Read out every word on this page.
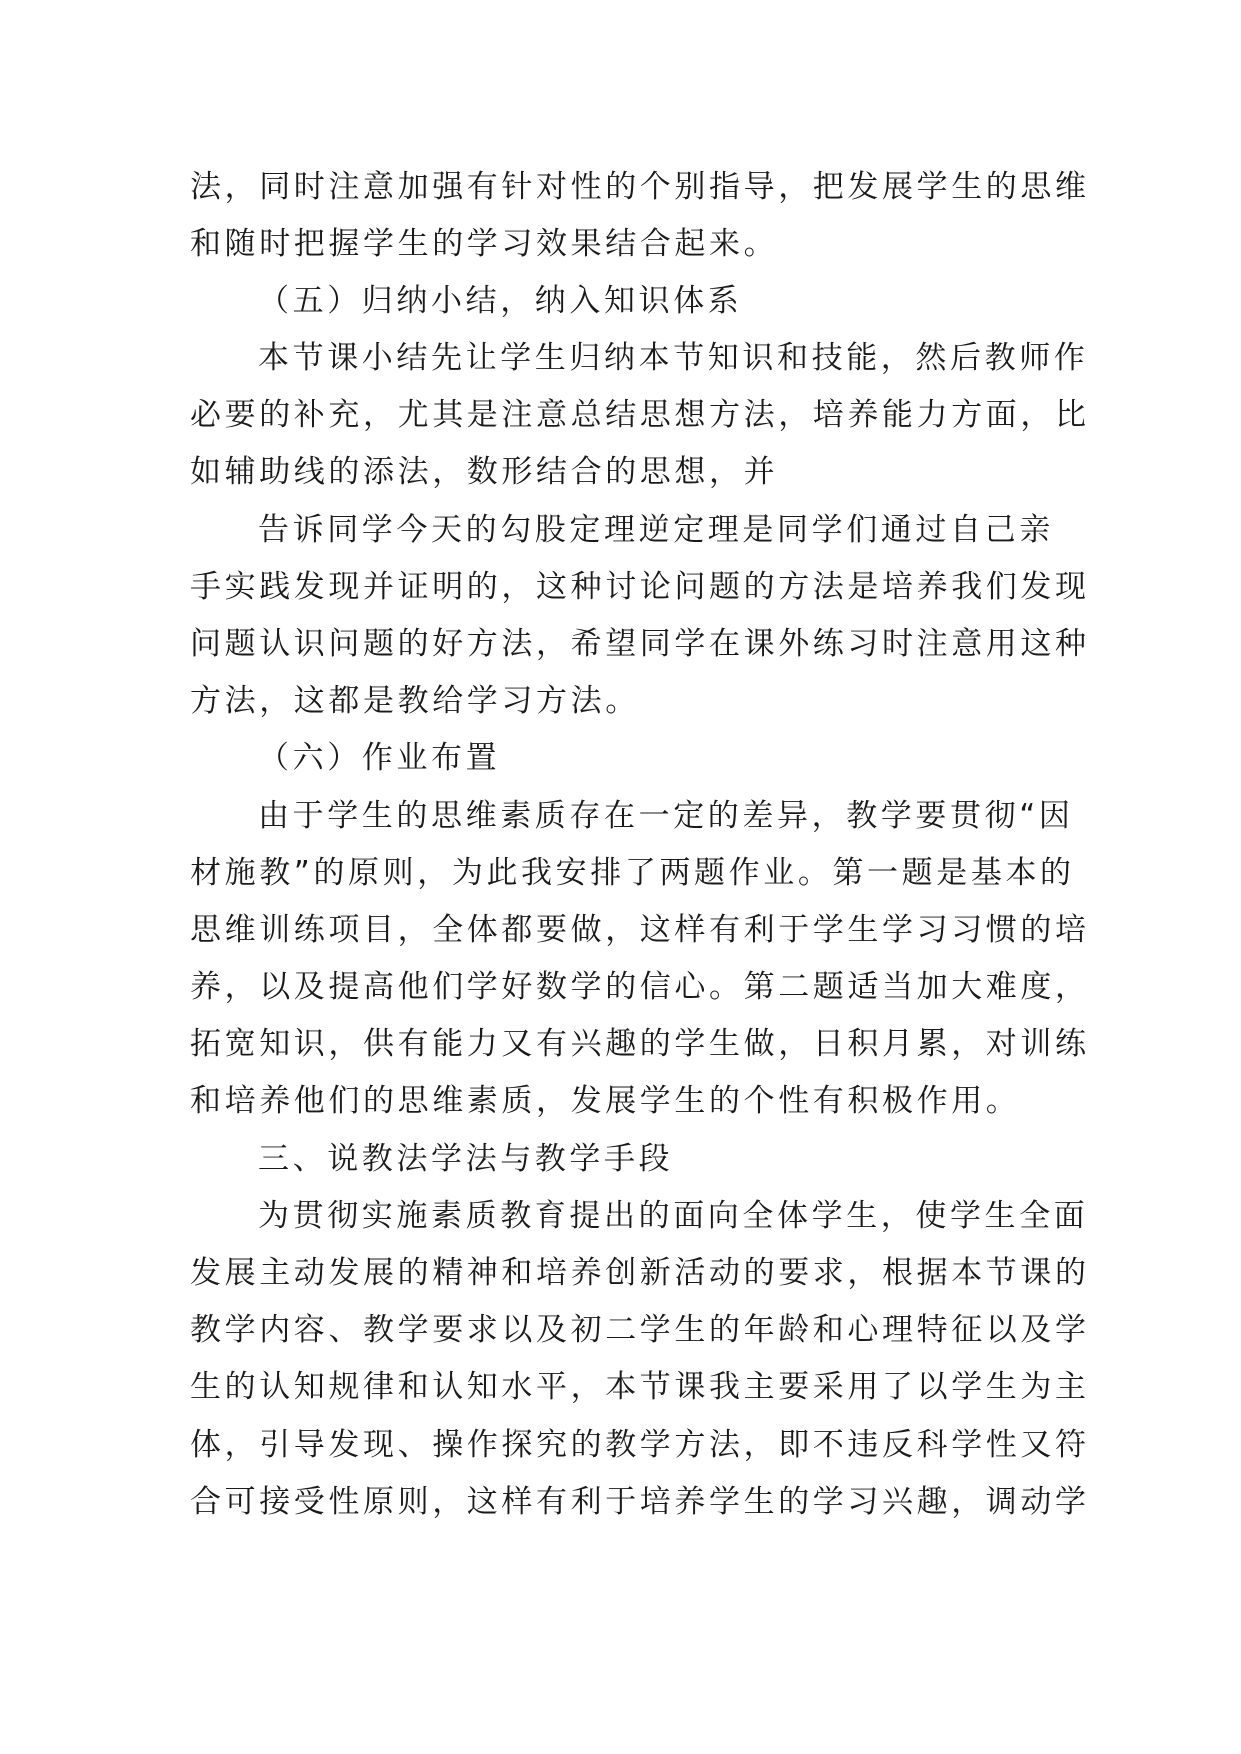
法，同时注意加强有针对性的个别指导，把发展学生的思维
和随时把握学生的学习效果结合起来。
（五）归纳小结，纳入知识体系
本节课小结先让学生归纳本节知识和技能，然后教师作
必要的补充，尤其是注意总结思想方法，培养能力方面，比
如辅助线的添法，数形结合的思想，并
告诉同学今天的勾股定理逆定理是同学们通过自己亲
手实践发现并证明的，这种讨论问题的方法是培养我们发现
问题认识问题的好方法，希望同学在课外练习时注意用这种
方法，这都是教给学习方法。
（六）作业布置
由于学生的思维素质存在一定的差异，教学要贯彻“因
材施教”的原则，为此我安排了两题作业。第一题是基本的
思维训练项目，全体都要做，这样有利于学生学习习惯的培
养，以及提高他们学好数学的信心。第二题适当加大难度，
拓宽知识，供有能力又有兴趣的学生做，日积月累，对训练
和培养他们的思维素质，发展学生的个性有积极作用。
三、说教法学法与教学手段
为贯彻实施素质教育提出的面向全体学生，使学生全面
发展主动发展的精神和培养创新活动的要求，根据本节课的
教学内容、教学要求以及初二学生的年龄和心理特征以及学
生的认知规律和认知水平，本节课我主要采用了以学生为主
体，引导发现、操作探究的教学方法，即不违反科学性又符
合可接受性原则，这样有利于培养学生的学习兴趣，调动学
